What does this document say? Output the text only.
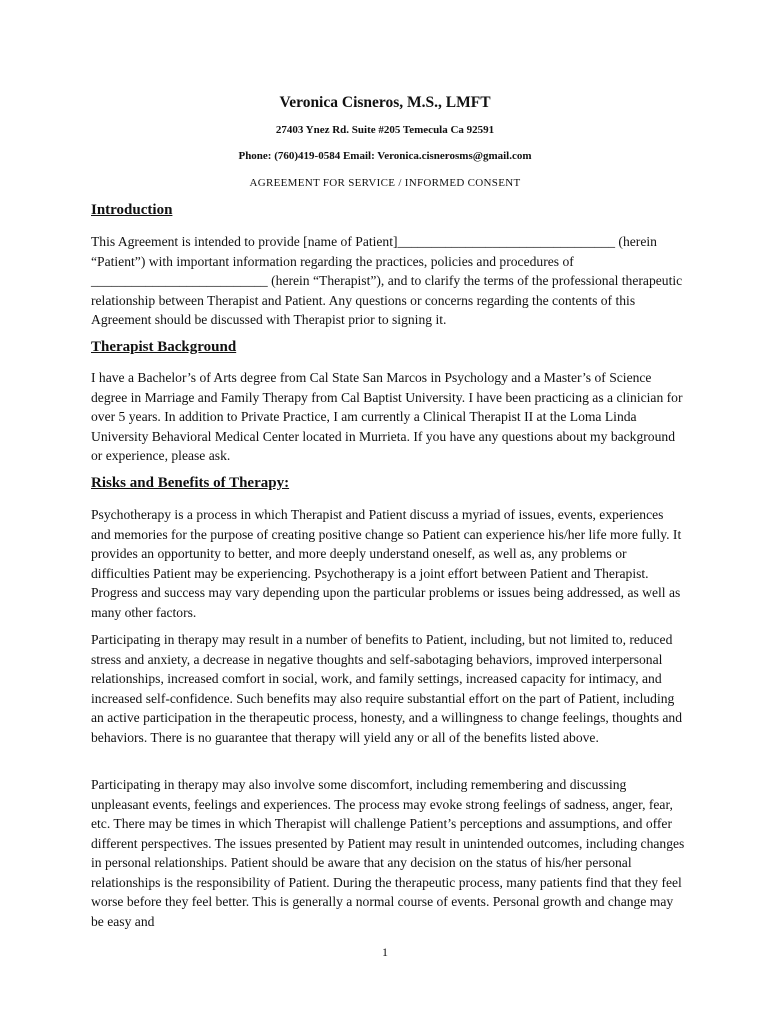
Veronica Cisneros, M.S., LMFT
27403 Ynez Rd. Suite #205 Temecula Ca 92591
Phone: (760)419-0584 Email: Veronica.cisnerosms@gmail.com
AGREEMENT FOR SERVICE / INFORMED CONSENT
Introduction
This Agreement is intended to provide [name of Patient]________________________________ (herein “Patient”) with important information regarding the practices, policies and procedures of __________________________ (herein “Therapist”), and to clarify the terms of the professional therapeutic relationship between Therapist and Patient. Any questions or concerns regarding the contents of this Agreement should be discussed with Therapist prior to signing it.
Therapist Background
I have a Bachelor’s of Arts degree from Cal State San Marcos in Psychology and a Master’s of Science degree in Marriage and Family Therapy from Cal Baptist University. I have been practicing as a clinician for over 5 years. In addition to Private Practice, I am currently a Clinical Therapist II at the Loma Linda University Behavioral Medical Center located in Murrieta. If you have any questions about my background or experience, please ask.
Risks and Benefits of Therapy:
Psychotherapy is a process in which Therapist and Patient discuss a myriad of issues, events, experiences and memories for the purpose of creating positive change so Patient can experience his/her life more fully. It provides an opportunity to better, and more deeply understand oneself, as well as, any problems or difficulties Patient may be experiencing. Psychotherapy is a joint effort between Patient and Therapist. Progress and success may vary depending upon the particular problems or issues being addressed, as well as many other factors.
Participating in therapy may result in a number of benefits to Patient, including, but not limited to, reduced stress and anxiety, a decrease in negative thoughts and self-sabotaging behaviors, improved interpersonal relationships, increased comfort in social, work, and family settings, increased capacity for intimacy, and increased self-confidence. Such benefits may also require substantial effort on the part of Patient, including an active participation in the therapeutic process, honesty, and a willingness to change feelings, thoughts and behaviors. There is no guarantee that therapy will yield any or all of the benefits listed above.
Participating in therapy may also involve some discomfort, including remembering and discussing unpleasant events, feelings and experiences. The process may evoke strong feelings of sadness, anger, fear, etc. There may be times in which Therapist will challenge Patient’s perceptions and assumptions, and offer different perspectives. The issues presented by Patient may result in unintended outcomes, including changes in personal relationships. Patient should be aware that any decision on the status of his/her personal relationships is the responsibility of Patient. During the therapeutic process, many patients find that they feel worse before they feel better. This is generally a normal course of events. Personal growth and change may be easy and
1
